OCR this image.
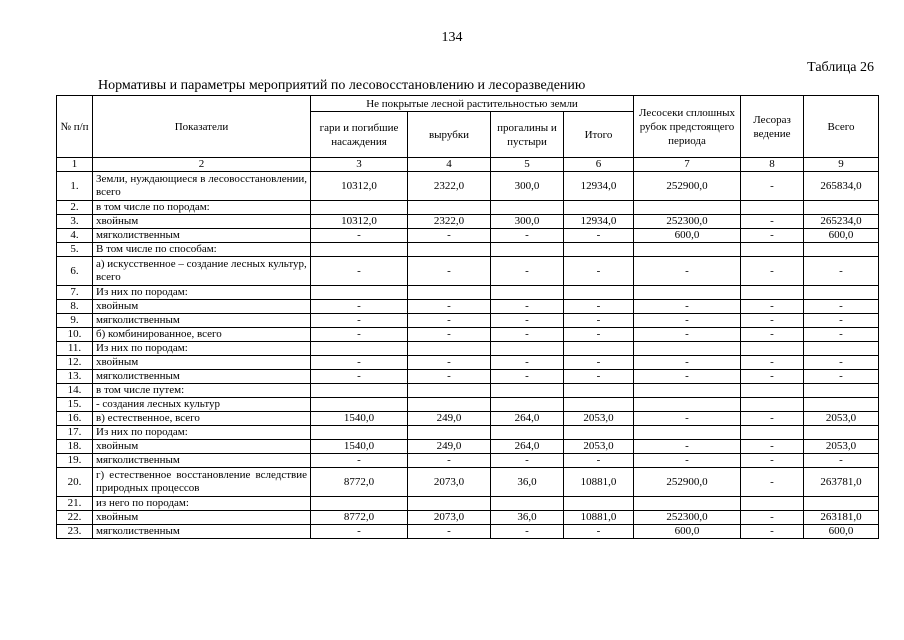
134
Таблица 26
Нормативы и параметры мероприятий по лесовосстановлению и лесоразведению
№ п/п	Показатели	Не покрытые лесной растительностью земли				Лесосеки сплошных рубок предстоящего периода	Лесораз ведение	Всего
		гари и погибшие насаждения	вырубки	прогалины и пустыри	Итого			
1	2	3	4	5	6	7	8	9
1.	Земли, нуждающиеся в лесовосстановлении, всего	10312,0	2322,0	300,0	12934,0	252900,0	-	265834,0
2.	в том числе по породам:							
3.	хвойным	10312,0	2322,0	300,0	12934,0	252300,0	-	265234,0
4.	мягколиственным	-	-	-	-	600,0	-	600,0
5.	В том числе по способам:							
6.	а) искусственное – создание лесных культур, всего	-	-	-	-	-	-	-
7.	Из них по породам:							
8.	хвойным	-	-	-	-	-	-	-
9.	мягколиственным	-	-	-	-	-	-	-
10.	б) комбинированное, всего	-	-	-	-	-	-	-
11.	Из них по породам:							
12.	хвойным	-	-	-	-	-	-	-
13.	мягколиственным	-	-	-	-	-	-	-
14.	в том числе путем:							
15.	- создания лесных культур							
16.	в) естественное, всего	1540,0	249,0	264,0	2053,0	-	-	2053,0
17.	Из них по породам:							
18.	хвойным	1540,0	249,0	264,0	2053,0	-	-	2053,0
19.	мягколиственным	-	-	-	-	-	-	-
20.	г) естественное восстановление вследствие природных процессов	8772,0	2073,0	36,0	10881,0	252900,0	-	263781,0
21.	из него по породам:							
22.	хвойным	8772,0	2073,0	36,0	10881,0	252300,0	-	263181,0
23.	мягколиственным	-	-	-	-	600,0	-	600,0
